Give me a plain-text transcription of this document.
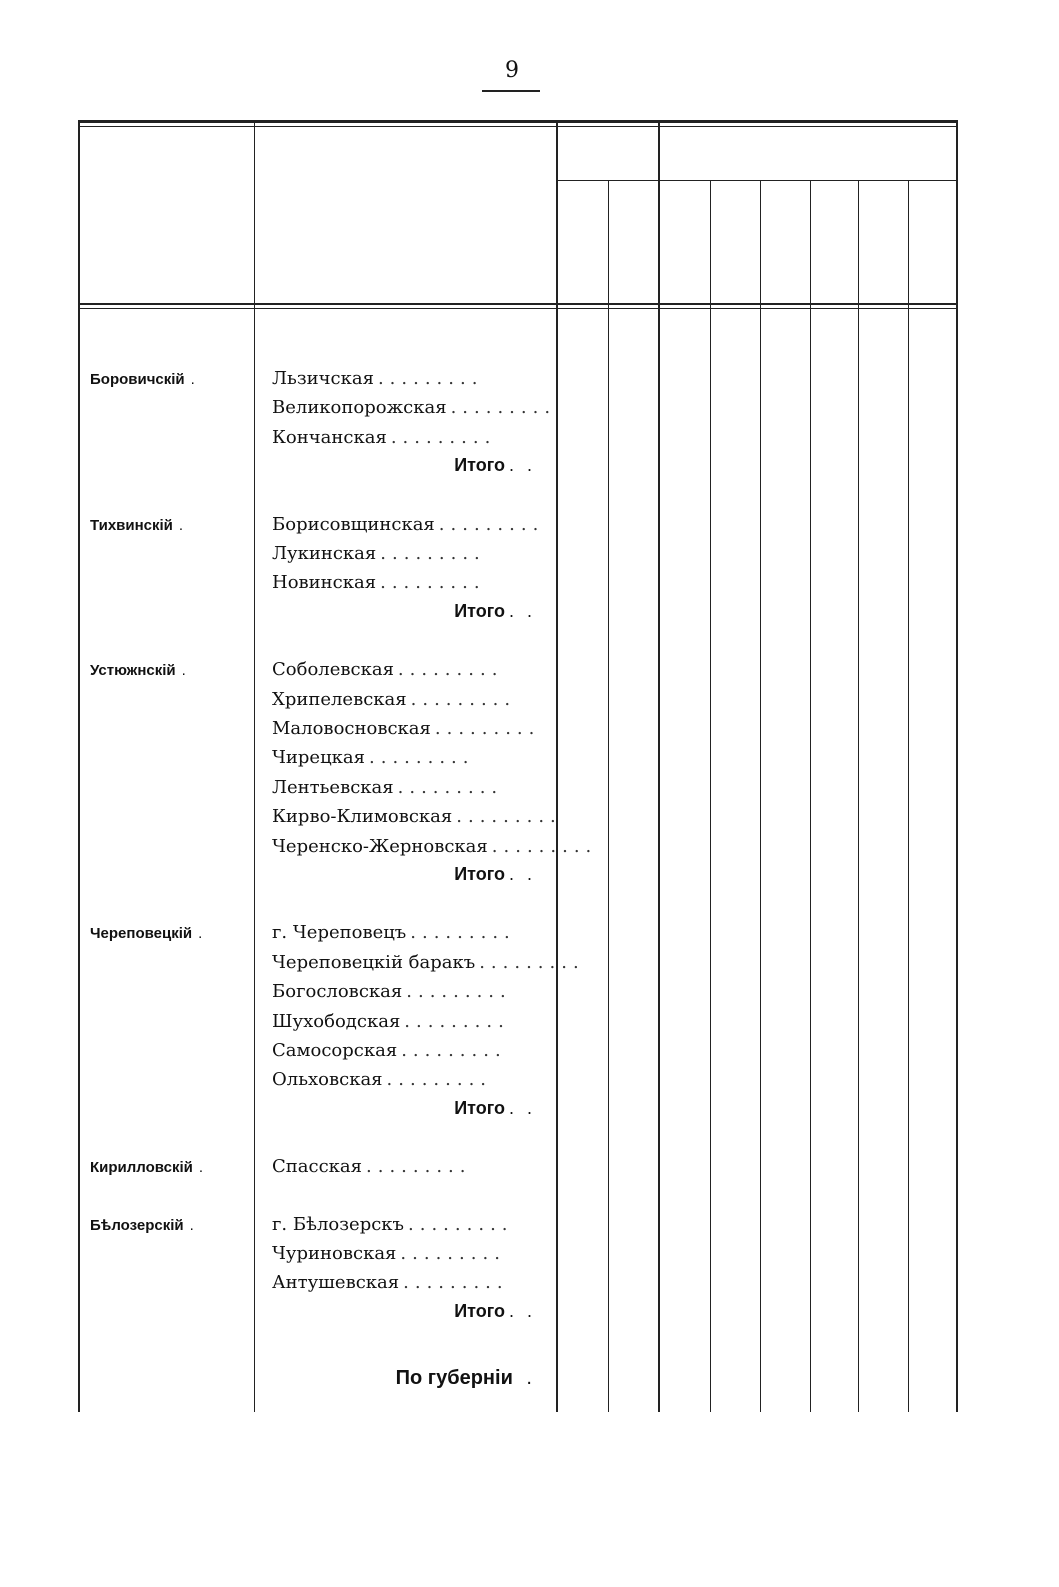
9
Боровичскій .	Льзичская .........
Великопорожская .........
Кончанская .........
Итого . .
Тихвинскій .	Борисовщинская .........
Лукинская .........
Новинская .........
Итого . .
Устюжнскій .	Соболевская .........
Хрипелевская .........
Маловосновская .........
Чирецкая .........
Лентьевская .........
Кирво-Климовская .........
Черенско-Жерновская .........
Итого . .
Череповецкій .	г. Череповецъ .........
Череповецкій баракъ .........
Богословская .........
Шухободская .........
Самосорская .........
Ольховская .........
Итого . .
Кирилловскій .	Спасская .........
Бѣлозерскій .	г. Бѣлозерскъ .........
Чуриновская .........
Антушевская .........
Итого . .
По губерніи .
